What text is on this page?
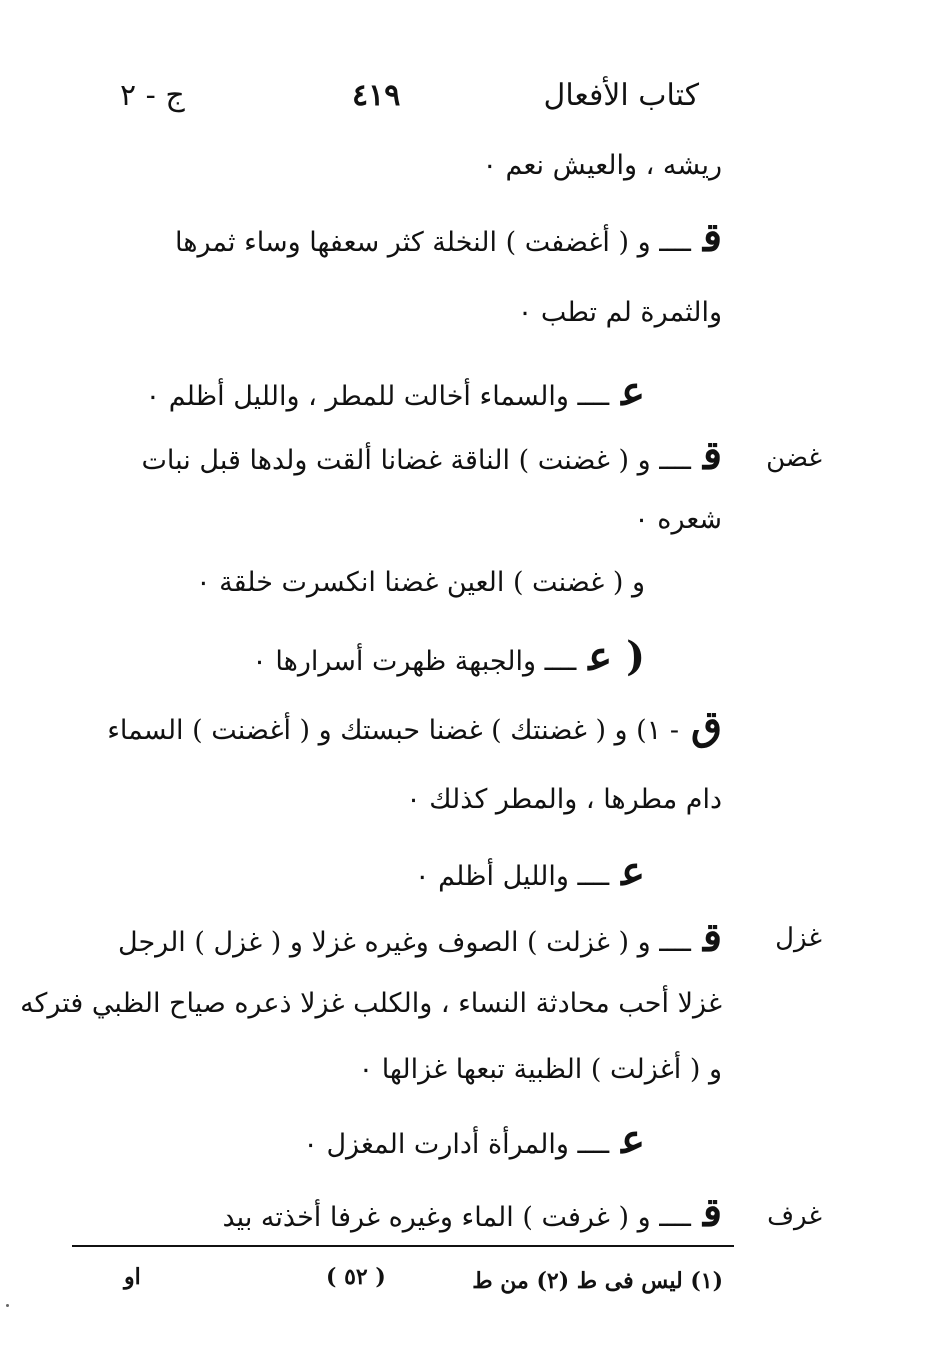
كتاب الأفعال
٤١٩
ج - ٢
ريشه ، والعيش نعم ٠
قــــ و ( أغضفت ) النخلة كثر سعفها وساء ثمرها
والثمرة لم تطب ٠
عــــ والسماء أخالت للمطر ، والليل أظلم ٠
قــــ و ( غضنت ) الناقة غضانا ألقت ولدها قبل نبات	غضن
شعره ٠
و ( غضنت ) العين غضنا انكسرت خلقة ٠
( عــــ والجبهة ظهرت أسرارها ٠
ق- ١) و ( غضنتك ) غضنا حبستك و ( أغضنت ) السماء
دام مطرها ، والمطر كذلك ٠
عــــ والليل أظلم ٠
قــــ و ( غزلت ) الصوف وغيره غزلا و ( غزل ) الرجل	غزل
غزلا أحب محادثة النساء ، والكلب غزلا ذعره صياح الظبي فتركه
و ( أغزلت ) الظبية تبعها غزالها ٠
عــــ والمرأة أدارت المغزل ٠
قــــ و ( غرفت ) الماء وغيره غرفا أخذته بيد	غرف
(١) ليس فى ط (٢) من ط
( ٥٢ )
او
